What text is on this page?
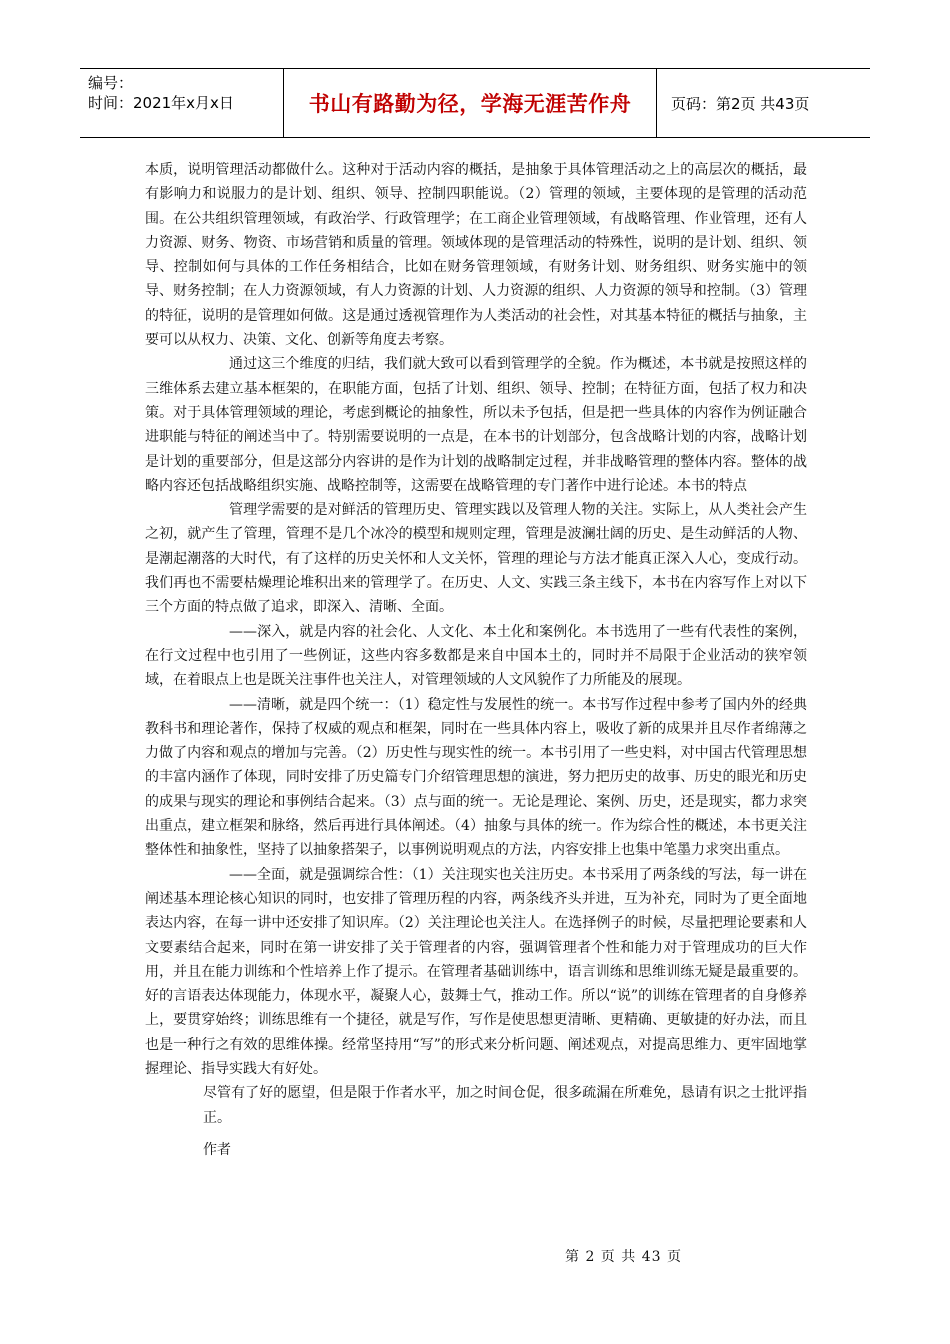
编号：
时间：2021年x月x日	书山有路勤为径，学海无涯苦作舟	页码：第2页 共43页

本质，说明管理活动都做什么。这种对于活动内容的概括，是抽象于具体管理活动之上的高层次的概括，最有影响力和说服力的是计划、组织、领导、控制四职能说。（2）管理的领域，主要体现的是管理的活动范围。在公共组织管理领域，有政治学、行政管理学；在工商企业管理领域，有战略管理、作业管理，还有人力资源、财务、物资、市场营销和质量的管理。领域体现的是管理活动的特殊性，说明的是计划、组织、领导、控制如何与具体的工作任务相结合，比如在财务管理领域，有财务计划、财务组织、财务实施中的领导、财务控制；在人力资源领域，有人力资源的计划、人力资源的组织、人力资源的领导和控制。（3）管理的特征，说明的是管理如何做。这是通过透视管理作为人类活动的社会性，对其基本特征的概括与抽象，主要可以从权力、决策、文化、创新等角度去考察。

通过这三个维度的归结，我们就大致可以看到管理学的全貌。作为概述，本书就是按照这样的三维体系去建立基本框架的，在职能方面，包括了计划、组织、领导、控制；在特征方面，包括了权力和决策。对于具体管理领域的理论，考虑到概论的抽象性，所以未予包括，但是把一些具体的内容作为例证融合进职能与特征的阐述当中了。特别需要说明的一点是，在本书的计划部分，包含战略计划的内容，战略计划是计划的重要部分，但是这部分内容讲的是作为计划的战略制定过程，并非战略管理的整体内容。整体的战略内容还包括战略组织实施、战略控制等，这需要在战略管理的专门著作中进行论述。本书的特点

管理学需要的是对鲜活的管理历史、管理实践以及管理人物的关注。实际上，从人类社会产生之初，就产生了管理，管理不是几个冰冷的模型和规则定理，管理是波澜壮阔的历史、是生动鲜活的人物、是潮起潮落的大时代，有了这样的历史关怀和人文关怀，管理的理论与方法才能真正深入人心，变成行动。我们再也不需要枯燥理论堆积出来的管理学了。在历史、人文、实践三条主线下，本书在内容写作上对以下三个方面的特点做了追求，即深入、清晰、全面。

——深入，就是内容的社会化、人文化、本土化和案例化。本书选用了一些有代表性的案例，在行文过程中也引用了一些例证，这些内容多数都是来自中国本土的，同时并不局限于企业活动的狭窄领域，在着眼点上也是既关注事件也关注人，对管理领域的人文风貌作了力所能及的展现。

——清晰，就是四个统一：（1）稳定性与发展性的统一。本书写作过程中参考了国内外的经典教科书和理论著作，保持了权威的观点和框架，同时在一些具体内容上，吸收了新的成果并且尽作者绵薄之力做了内容和观点的增加与完善。（2）历史性与现实性的统一。本书引用了一些史料，对中国古代管理思想的丰富内涵作了体现，同时安排了历史篇专门介绍管理思想的演进，努力把历史的故事、历史的眼光和历史的成果与现实的理论和事例结合起来。（3）点与面的统一。无论是理论、案例、历史，还是现实，都力求突出重点，建立框架和脉络，然后再进行具体阐述。（4）抽象与具体的统一。作为综合性的概述，本书更关注整体性和抽象性，坚持了以抽象搭架子，以事例说明观点的方法，内容安排上也集中笔墨力求突出重点。

——全面，就是强调综合性：（1）关注现实也关注历史。本书采用了两条线的写法，每一讲在阐述基本理论核心知识的同时，也安排了管理历程的内容，两条线齐头并进，互为补充，同时为了更全面地表达内容，在每一讲中还安排了知识库。（2）关注理论也关注人。在选择例子的时候，尽量把理论要素和人文要素结合起来，同时在第一讲安排了关于管理者的内容，强调管理者个性和能力对于管理成功的巨大作用，并且在能力训练和个性培养上作了提示。在管理者基础训练中，语言训练和思维训练无疑是最重要的。好的言语表达体现能力，体现水平，凝聚人心，鼓舞士气，推动工作。所以“说”的训练在管理者的自身修养上，要贯穿始终；训练思维有一个捷径，就是写作，写作是使思想更清晰、更精确、更敏捷的好办法，而且也是一种行之有效的思维体操。经常坚持用“写”的形式来分析问题、阐述观点，对提高思维力、更牢固地掌握理论、指导实践大有好处。

尽管有了好的愿望，但是限于作者水平，加之时间仓促，很多疏漏在所难免，恳请有识之士批评指正。

作者

第 2 页 共 43 页
